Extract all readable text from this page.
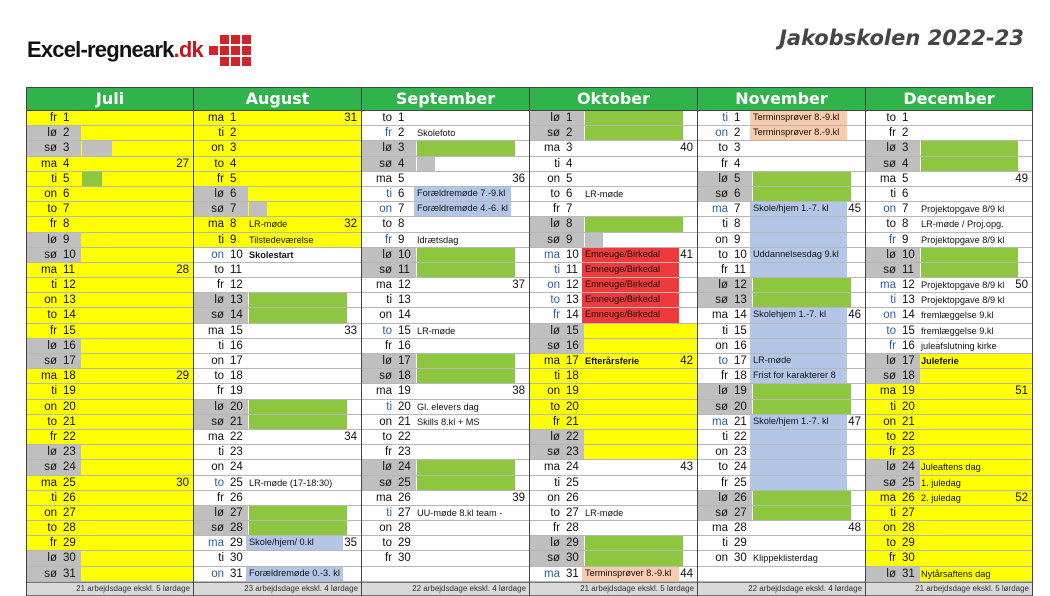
Excel-regneark.dk	Jakobskolen 2022-23
Juli
fr 1
lø 2
sø 3
ma 4	27
ti 5
on 6
to 7
fr 8
lø 9
sø 10
ma 11	28
ti 12
on 13
to 14
fr 15
lø 16
sø 17
ma 18	29
ti 19
on 20
to 21
fr 22
lø 23
sø 24
ma 25	30
ti 26
on 27
to 28
fr 29
lø 30
sø 31
21 arbejdsdage ekskl. 5 lørdage
August
ma 1	31
ti 2
on 3
to 4
fr 5
lø 6
sø 7
ma 8	LR-møde	32
ti 9	Tilstedeværelse
on 10 Skolestart
to 11
fr 12
lø 13
sø 14
ma 15	33
ti 16
on 17
to 18
fr 19
lø 20
sø 21
ma 22	34
ti 23
on 24
to 25 LR-møde (17-18:30)
fr 26
lø 27
sø 28
ma 29 Skole/hjem/ 0.kl	35
ti 30
on 31 Forældremøde 0.-3. kl
23 arbejdsdage ekskl. 4 lørdage
September
to 1
fr 2	Skolefoto
lø 3
sø 4
ma 5	36
ti 6	Forældremøde 7.-9.kl
on 7	Forældremøde 4.-6. kl
to 8
fr 9	Idrætsdag
lø 10
sø 11
ma 12	37
ti 13
on 14
to 15 LR-møde
fr 16
lø 17
sø 18
ma 19	38
ti 20 Gl. elevers dag
on 21 Skills 8.kl + MS
to 22
fr 23
lø 24
sø 25
ma 26	39
ti 27 UU-møde 8.kl team -
on 28
to 29
fr 30
22 arbejdsdage ekskl. 4 lørdage
Oktober
lø 1
sø 2
ma 3	40
ti 4
on 5
to 6	LR-møde
fr 7
lø 8
sø 9
ma 10 Emneuge/Birkedal	41
ti 11 Emneuge/Birkedal
on 12 Emneuge/Birkedal
to 13 Emneuge/Birkedal
fr 14 Emneuge/Birkedal
lø 15
sø 16
ma 17 Efterårsferie	42
ti 18
on 19
to 20
fr 21
lø 22
sø 23
ma 24	43
ti 25
on 26
to 27 LR-møde
fr 28
lø 29
sø 30
ma 31 Terminsprøver 8.-9.kl 44
21 arbejdsdage ekskl. 5 lørdage
November
ti 1	Terminsprøver 8.-9.kl
on 2	Terminsprøver 8.-9.kl
to 3
fr 4
lø 5
sø 6
ma 7	Skole/hjem 1.-7. kl	45
ti 8
on 9
to 10 Uddannelsesdag 9.kl
fr 11
lø 12
sø 13
ma 14 Skolehjem 1.-7. kl	46
ti 15
on 16
to 17 LR-møde
fr 18 Frist for karakterer 8
lø 19
sø 20
ma 21 Skole/hjem 1.-7. kl	47
ti 22
on 23
to 24
fr 25
lø 26
sø 27
ma 28	48
ti 29
on 30 Klippeklisterdag
22 arbejdsdage ekskl. 4 lørdage
December
to 1
fr 2
lø 3
sø 4
ma 5	49
ti 6
on 7	Projektopgave 8/9 kl
to 8	LR-møde / Proj.opg.
fr 9	Projektopgave 8/9 kl
lø 10
sø 11
ma 12 Projektopgave 8/9 kl 50
ti 13 Projektopgave 8/9 kl
on 14 fremlæggelse 9.kl
to 15 fremlæggelse 9.kl
fr 16 juleafslutning kirke
lø 17 Juleferie
sø 18
ma 19	51
ti 20
on 21
to 22
fr 23
lø 24 Juleaftens dag
sø 25 1. juledag
ma 26 2. juledag	52
ti 27
on 28
to 29
fr 30
lø 31 Nytårsaftens dag
21 arbejdsdage ekskl. 5 lørdage
